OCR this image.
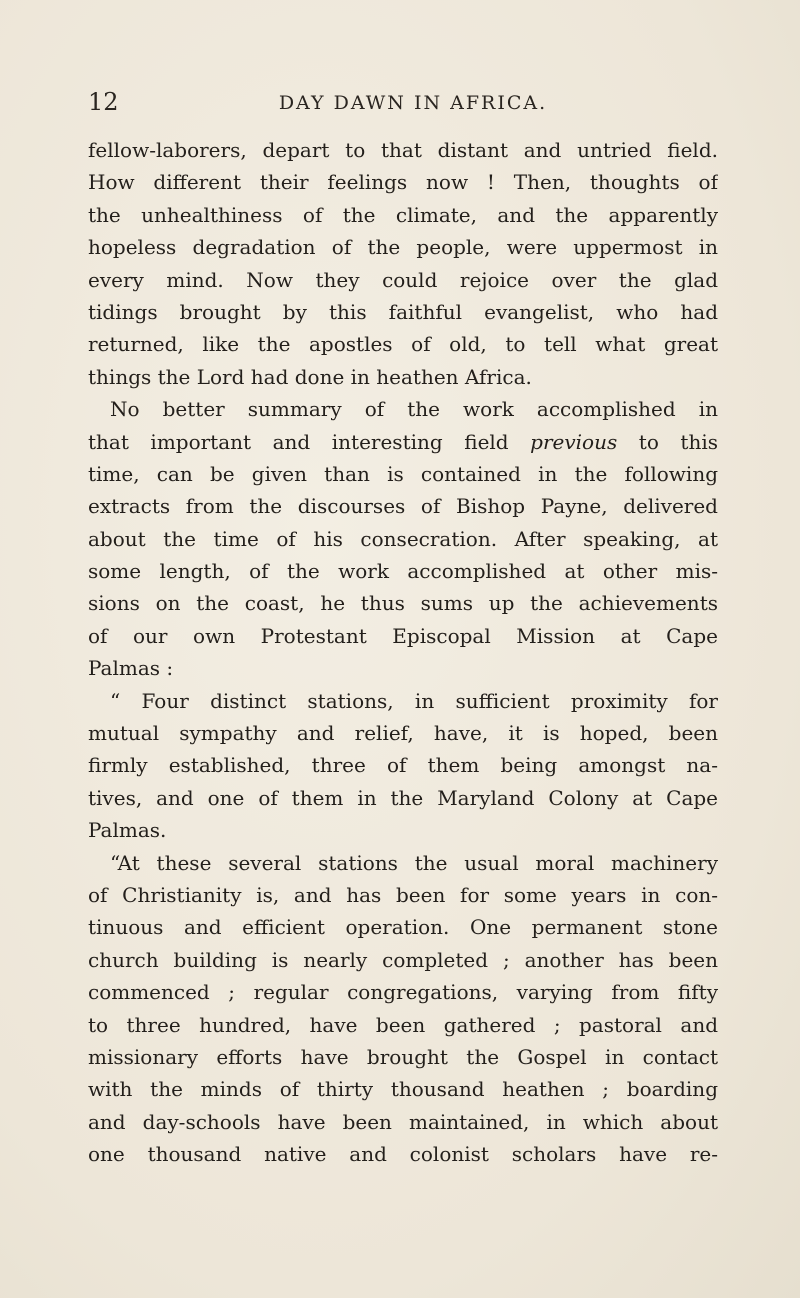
12	DAY DAWN IN AFRICA.
fellow-laborers, depart to that distant and untried field.
How different their feelings now ! Then, thoughts of
the unhealthiness of the climate, and the apparently
hopeless degradation of the people, were uppermost in
every mind. Now they could rejoice over the glad
tidings brought by this faithful evangelist, who had
returned, like the apostles of old, to tell what great
things the Lord had done in heathen Africa.
No better summary of the work accomplished in
that important and interesting field previous to this
time, can be given than is contained in the following
extracts from the discourses of Bishop Payne, delivered
about the time of his consecration. After speaking, at
some length, of the work accomplished at other mis-
sions on the coast, he thus sums up the achievements
of our own Protestant Episcopal Mission at Cape
Palmas :
“ Four distinct stations, in sufficient proximity for
mutual sympathy and relief, have, it is hoped, been
firmly established, three of them being amongst na-
tives, and one of them in the Maryland Colony at Cape
Palmas.
“At these several stations the usual moral machinery
of Christianity is, and has been for some years in con-
tinuous and efficient operation. One permanent stone
church building is nearly completed ; another has been
commenced ; regular congregations, varying from fifty
to three hundred, have been gathered ; pastoral and
missionary efforts have brought the Gospel in contact
with the minds of thirty thousand heathen ; boarding
and day-schools have been maintained, in which about
one thousand native and colonist scholars have re-
